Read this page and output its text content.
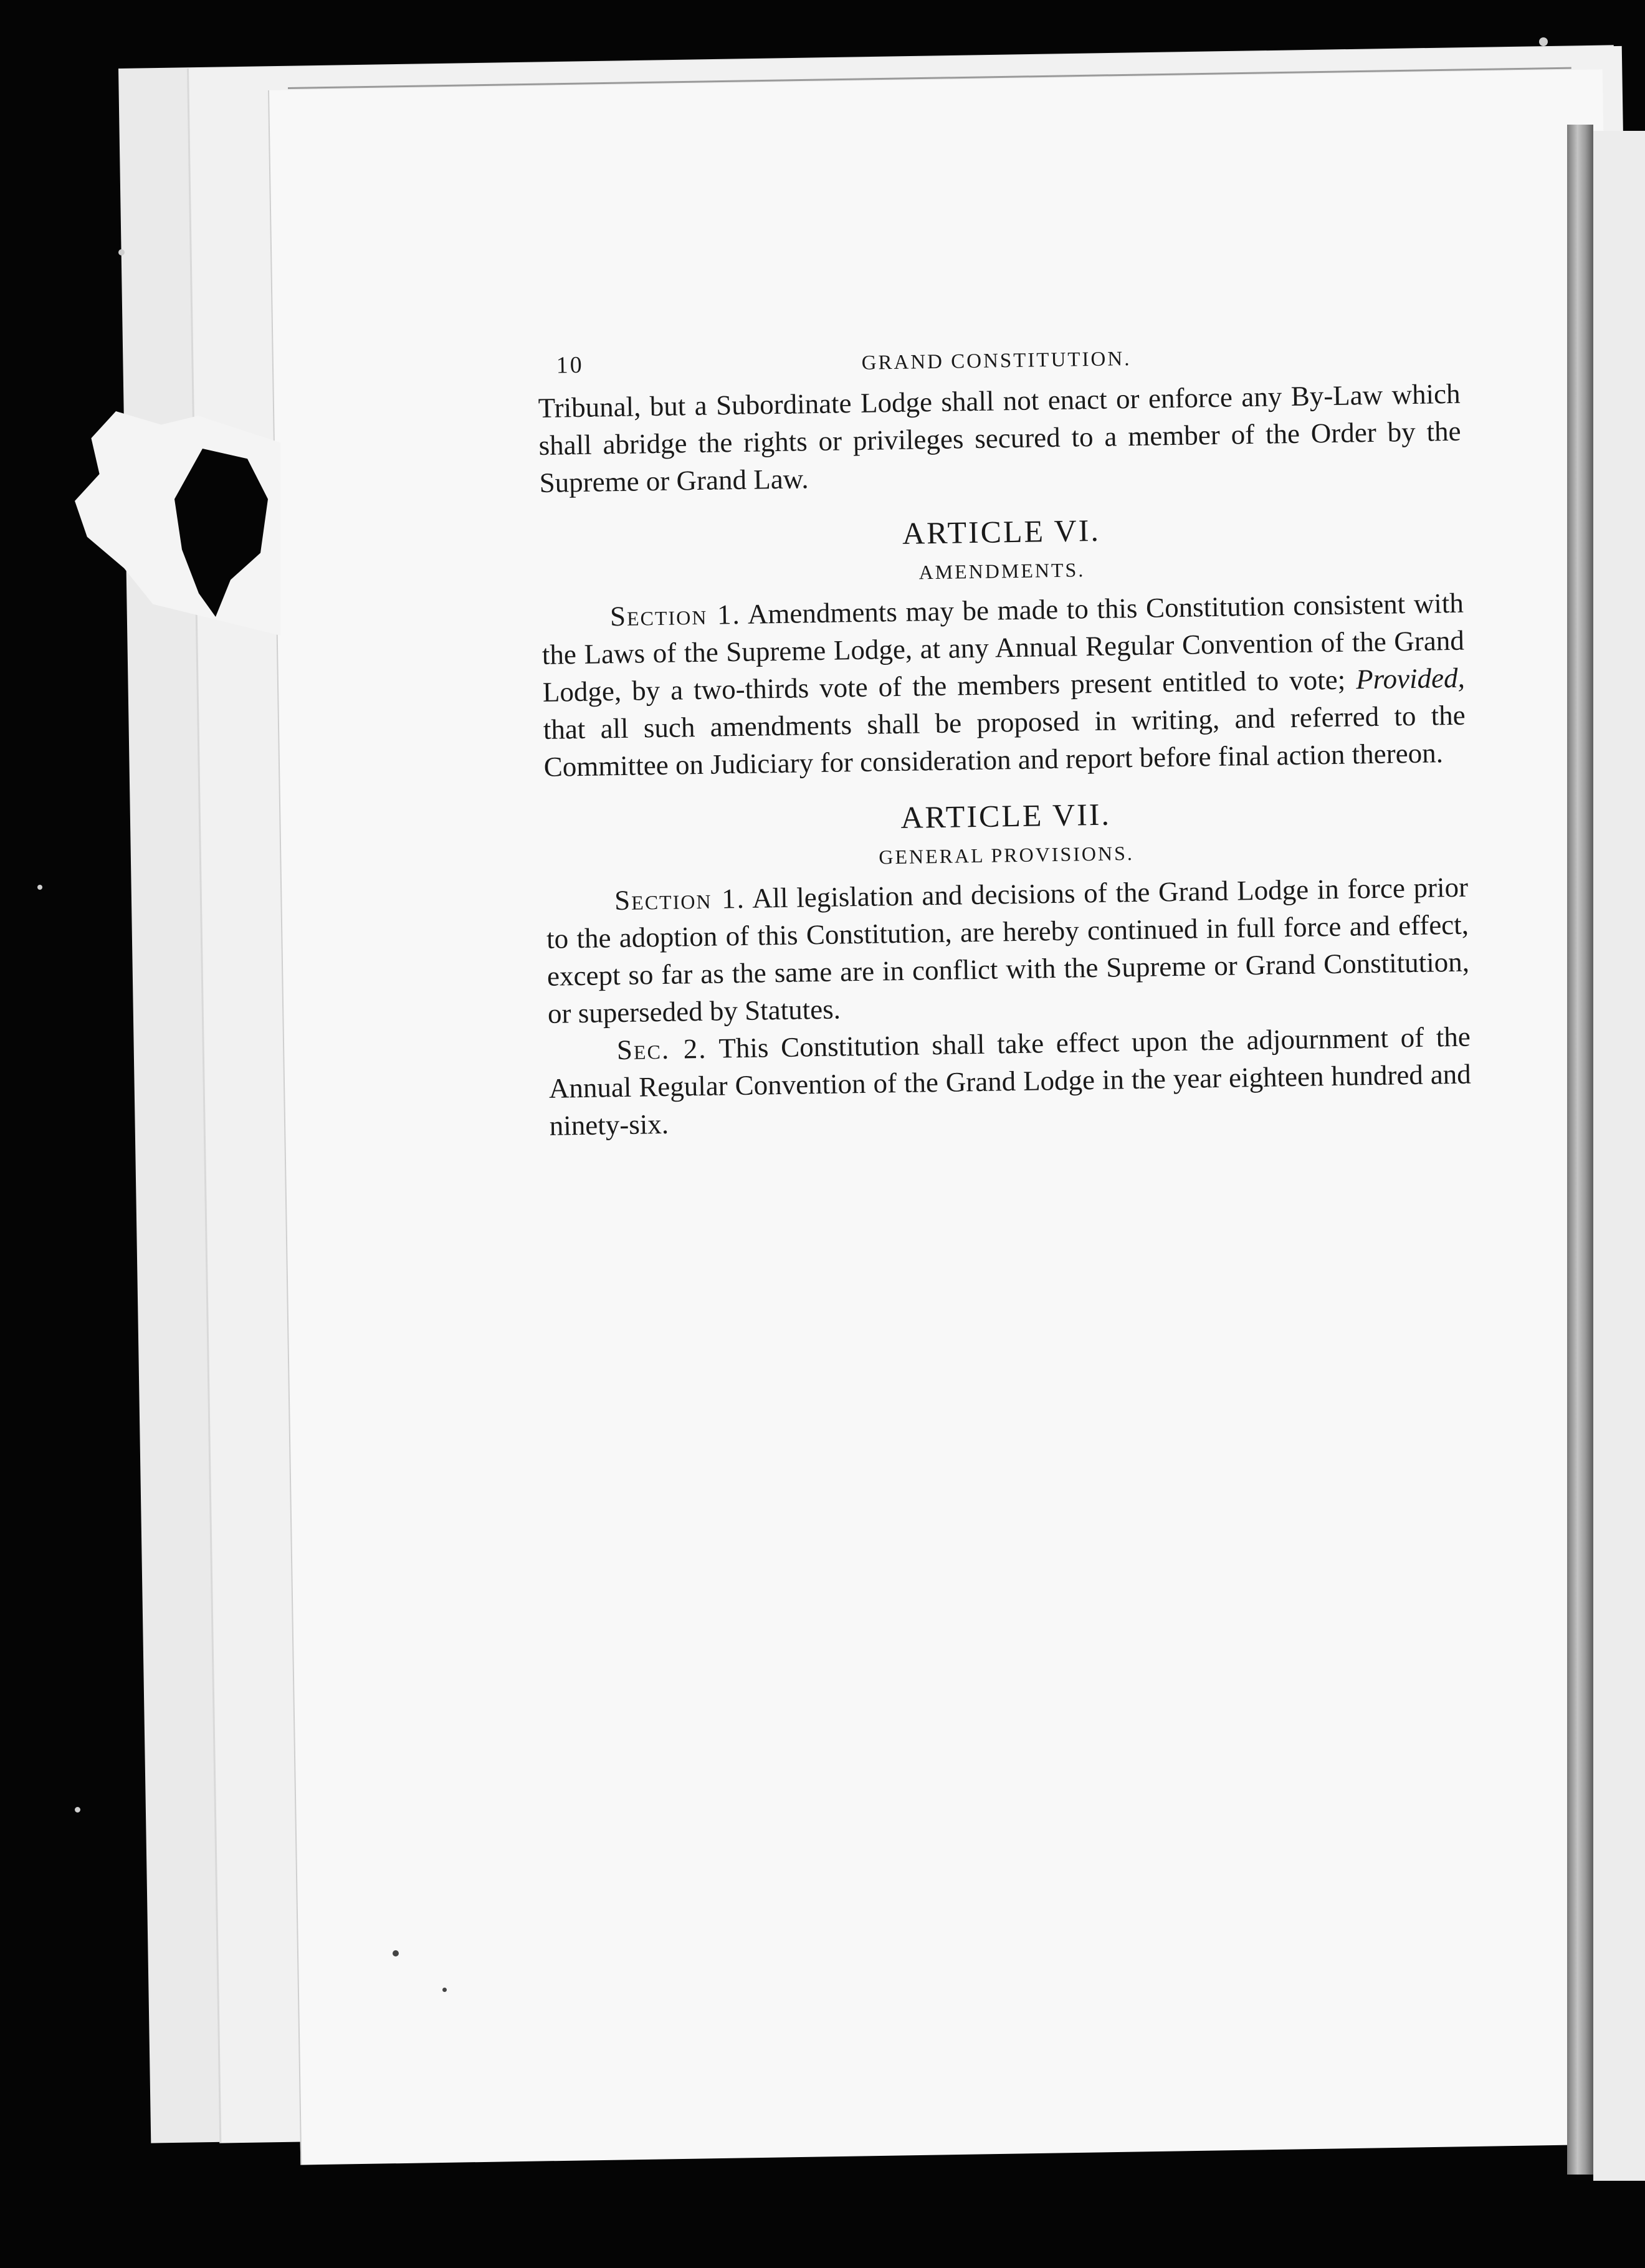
10	GRAND CONSTITUTION.

Tribunal, but a Subordinate Lodge shall not enact or enforce any By-Law which shall abridge the rights or privileges secured to a member of the Order by the Supreme or Grand Law.

ARTICLE VI.
AMENDMENTS.

Section 1. Amendments may be made to this Constitution consistent with the Laws of the Supreme Lodge, at any Annual Regular Convention of the Grand Lodge, by a two-thirds vote of the members present entitled to vote; Provided, that all such amendments shall be proposed in writing, and referred to the Committee on Judiciary for consideration and report before final action thereon.

ARTICLE VII.
GENERAL PROVISIONS.

Section 1. All legislation and decisions of the Grand Lodge in force prior to the adoption of this Constitution, are hereby continued in full force and effect, except so far as the same are in conflict with the Supreme or Grand Constitution, or superseded by Statutes.

Sec. 2. This Constitution shall take effect upon the adjournment of the Annual Regular Convention of the Grand Lodge in the year eighteen hundred and ninety-six.
